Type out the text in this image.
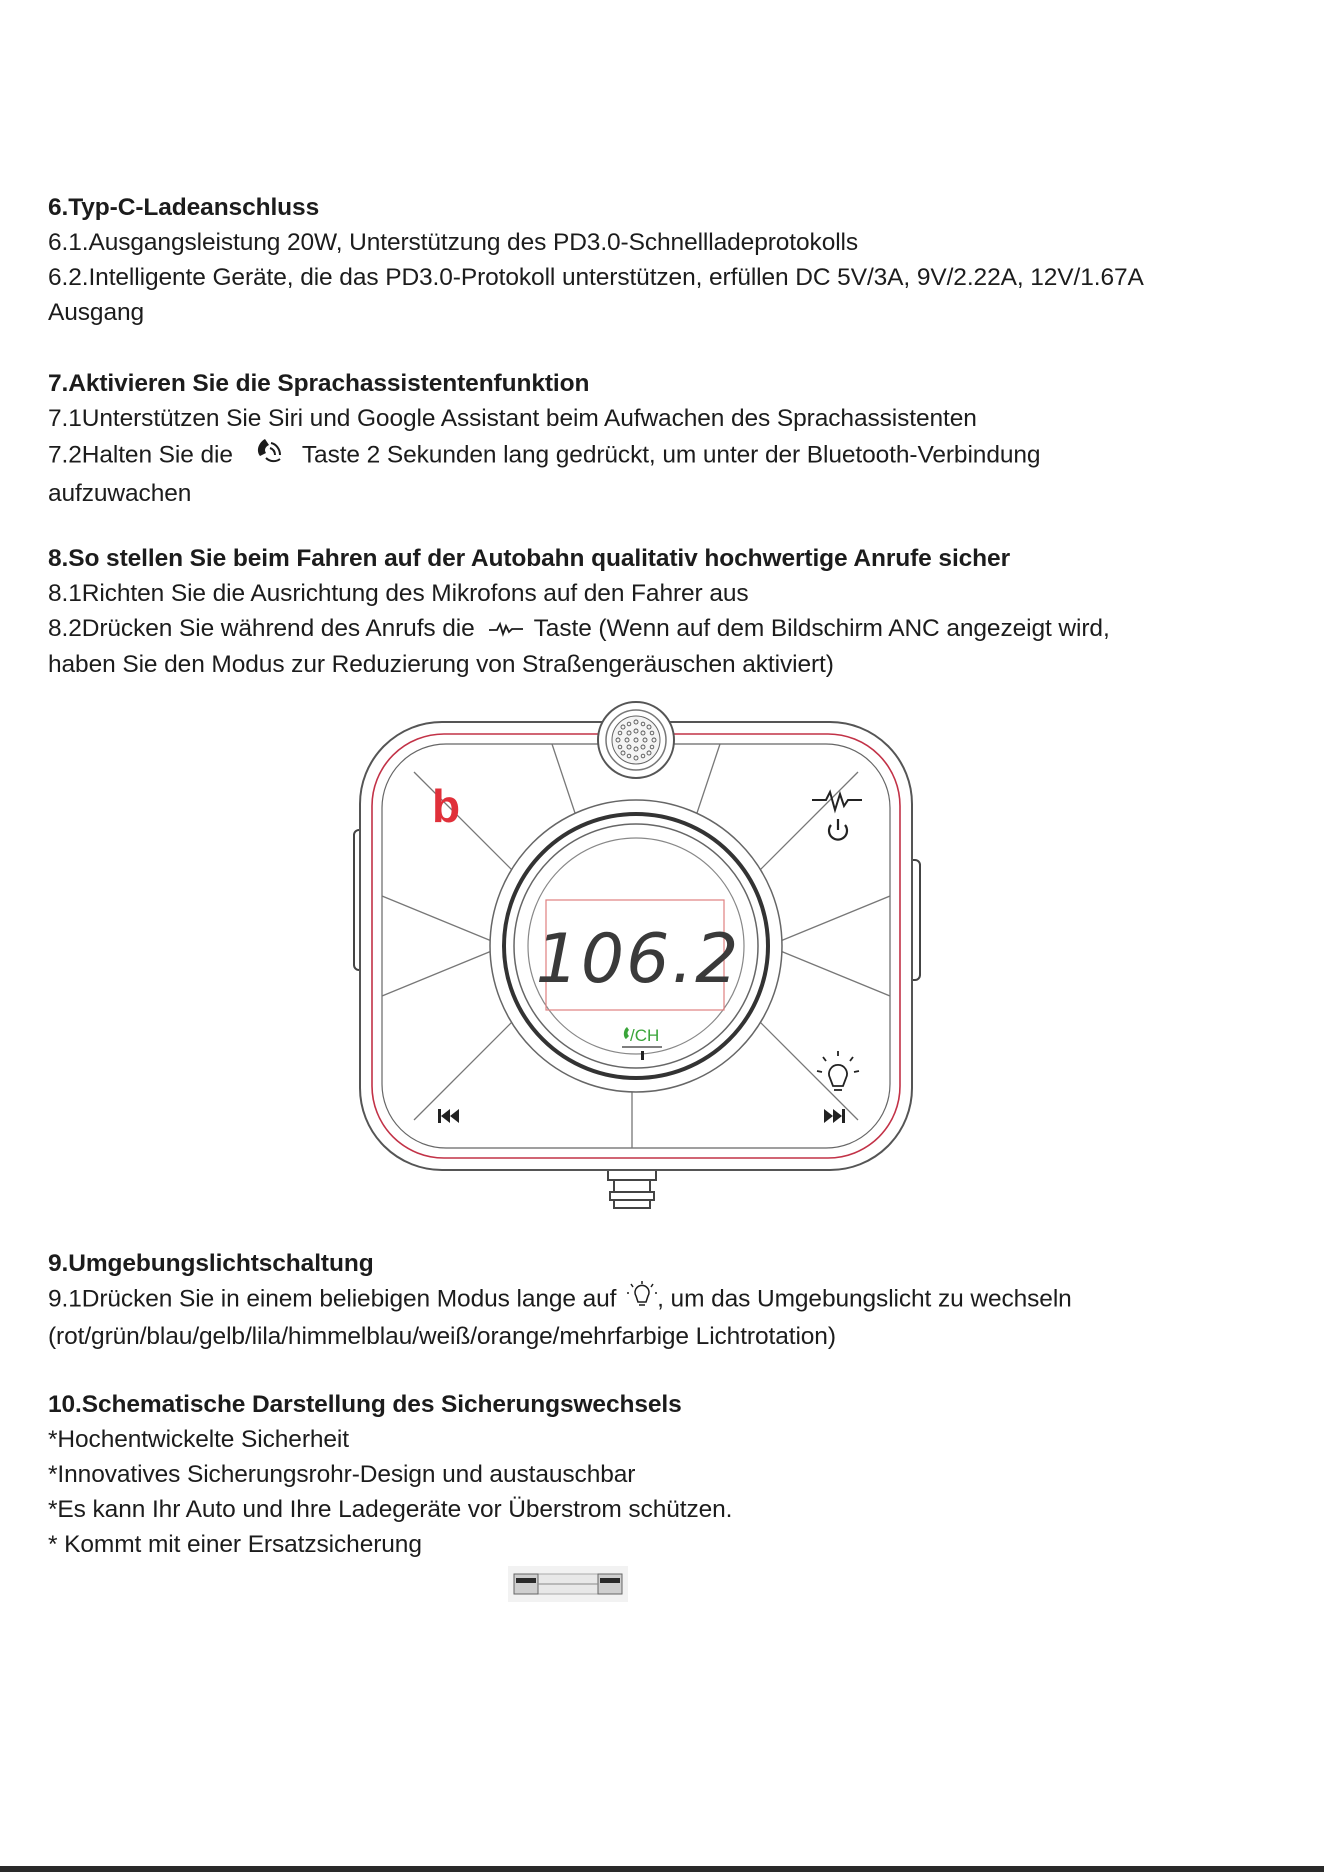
6.Typ-C-Ladeanschluss
6.1.Ausgangsleistung 20W, Unterstützung des PD3.0-Schnellladeprotokolls
6.2.Intelligente Geräte, die das PD3.0-Protokoll unterstützen, erfüllen DC 5V/3A, 9V/2.22A, 12V/1.67A
Ausgang
7.Aktivieren Sie die Sprachassistentenfunktion
7.1Unterstützen Sie Siri und Google Assistant beim Aufwachen des Sprachassistenten
7.2Halten Sie die	Taste 2 Sekunden lang gedrückt, um unter der Bluetooth-Verbindung
aufzuwachen
8.So stellen Sie beim Fahren auf der Autobahn qualitativ hochwertige Anrufe sicher
8.1Richten Sie die Ausrichtung des Mikrofons auf den Fahrer aus
8.2Drücken Sie während des Anrufs die Taste (Wenn auf dem Bildschirm ANC angezeigt wird,
haben Sie den Modus zur Reduzierung von Straßengeräuschen aktiviert)
106.2
/CH
b
9.Umgebungslichtschaltung
9.1Drücken Sie in einem beliebigen Modus lange auf , um das Umgebungslicht zu wechseln
(rot/grün/blau/gelb/lila/himmelblau/weiß/orange/mehrfarbige Lichtrotation)
10.Schematische Darstellung des Sicherungswechsels
*Hochentwickelte Sicherheit
*Innovatives Sicherungsrohr-Design und austauschbar
*Es kann Ihr Auto und Ihre Ladegeräte vor Überstrom schützen.
* Kommt mit einer Ersatzsicherung
